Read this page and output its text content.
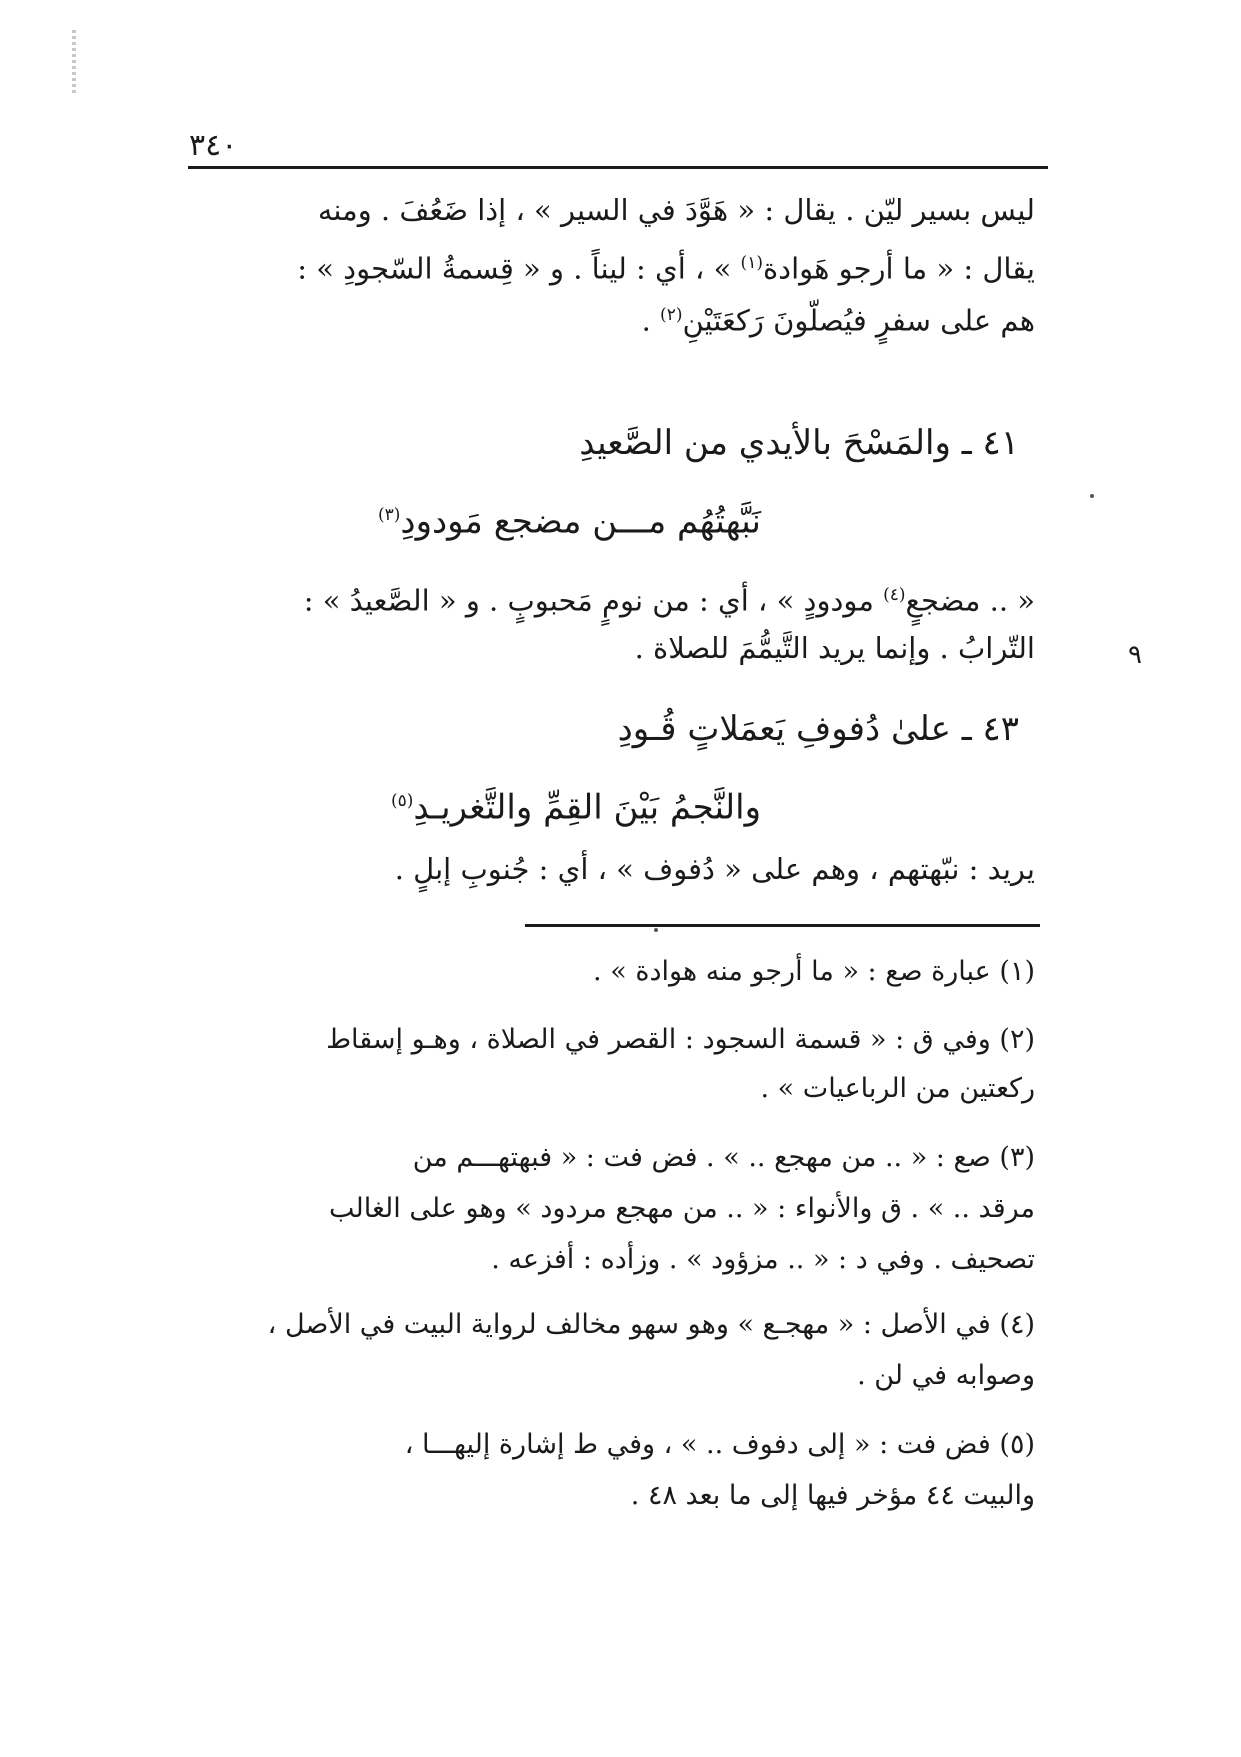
٣٤٠

ليس بسير ليّن . يقال : « هَوَّدَ في السير » ، إذا ضَعُفَ . ومنه

يقال : « ما أرجو هَوادة$^{(١)}$ » ، أي : ليناً . و « قِسمةُ السّجودِ » :

هم على سفرٍ فيُصلّونَ رَكعَتَيْنِ$^{(٢)}$ .

٤١ ـ والمَسْحَ بالأيدي من الصَّعيدِ

نَبَّهتُهُم مـــن مضجع مَودودِ$^{(٣)}$

« .. مضجعٍ$^{(٤)}$ مودودٍ » ، أي : من نومٍ مَحبوبٍ . و « الصَّعيدُ » :

التّرابُ . وإنما يريد التَّيمُّمَ للصلاة .	٩

٤٣ ـ علىٰ دُفوفِ يَعمَلاتٍ قُـودِ

والنَّجمُ بَيْنَ القِمِّ والتَّغريـدِ$^{(٥)}$

يريد : نبّهتهم ، وهم على « دُفوف » ، أي : جُنوبِ إبلٍ .

(١) عبارة صع : « ما أرجو منه هوادة » .

(٢) وفي ق : « قسمة السجود : القصر في الصلاة ، وهـو إسقاط

ركعتين من الرباعيات » .

(٣) صع : « .. من مهجع .. » . فض فت : « فبهتهـــم من

مرقد .. » . ق والأنواء : « .. من مهجع مردود » وهو على الغالب

تصحيف . وفي د : « .. مزؤود » . وزأده : أفزعه .

(٤) في الأصل : « مهجـع » وهو سهو مخالف لرواية البيت في الأصل ،

وصوابه في لن .

(٥) فض فت : « إلى دفوف .. » ، وفي ط إشارة إليهـــا ،

والبيت ٤٤ مؤخر فيها إلى ما بعد ٤٨ .
